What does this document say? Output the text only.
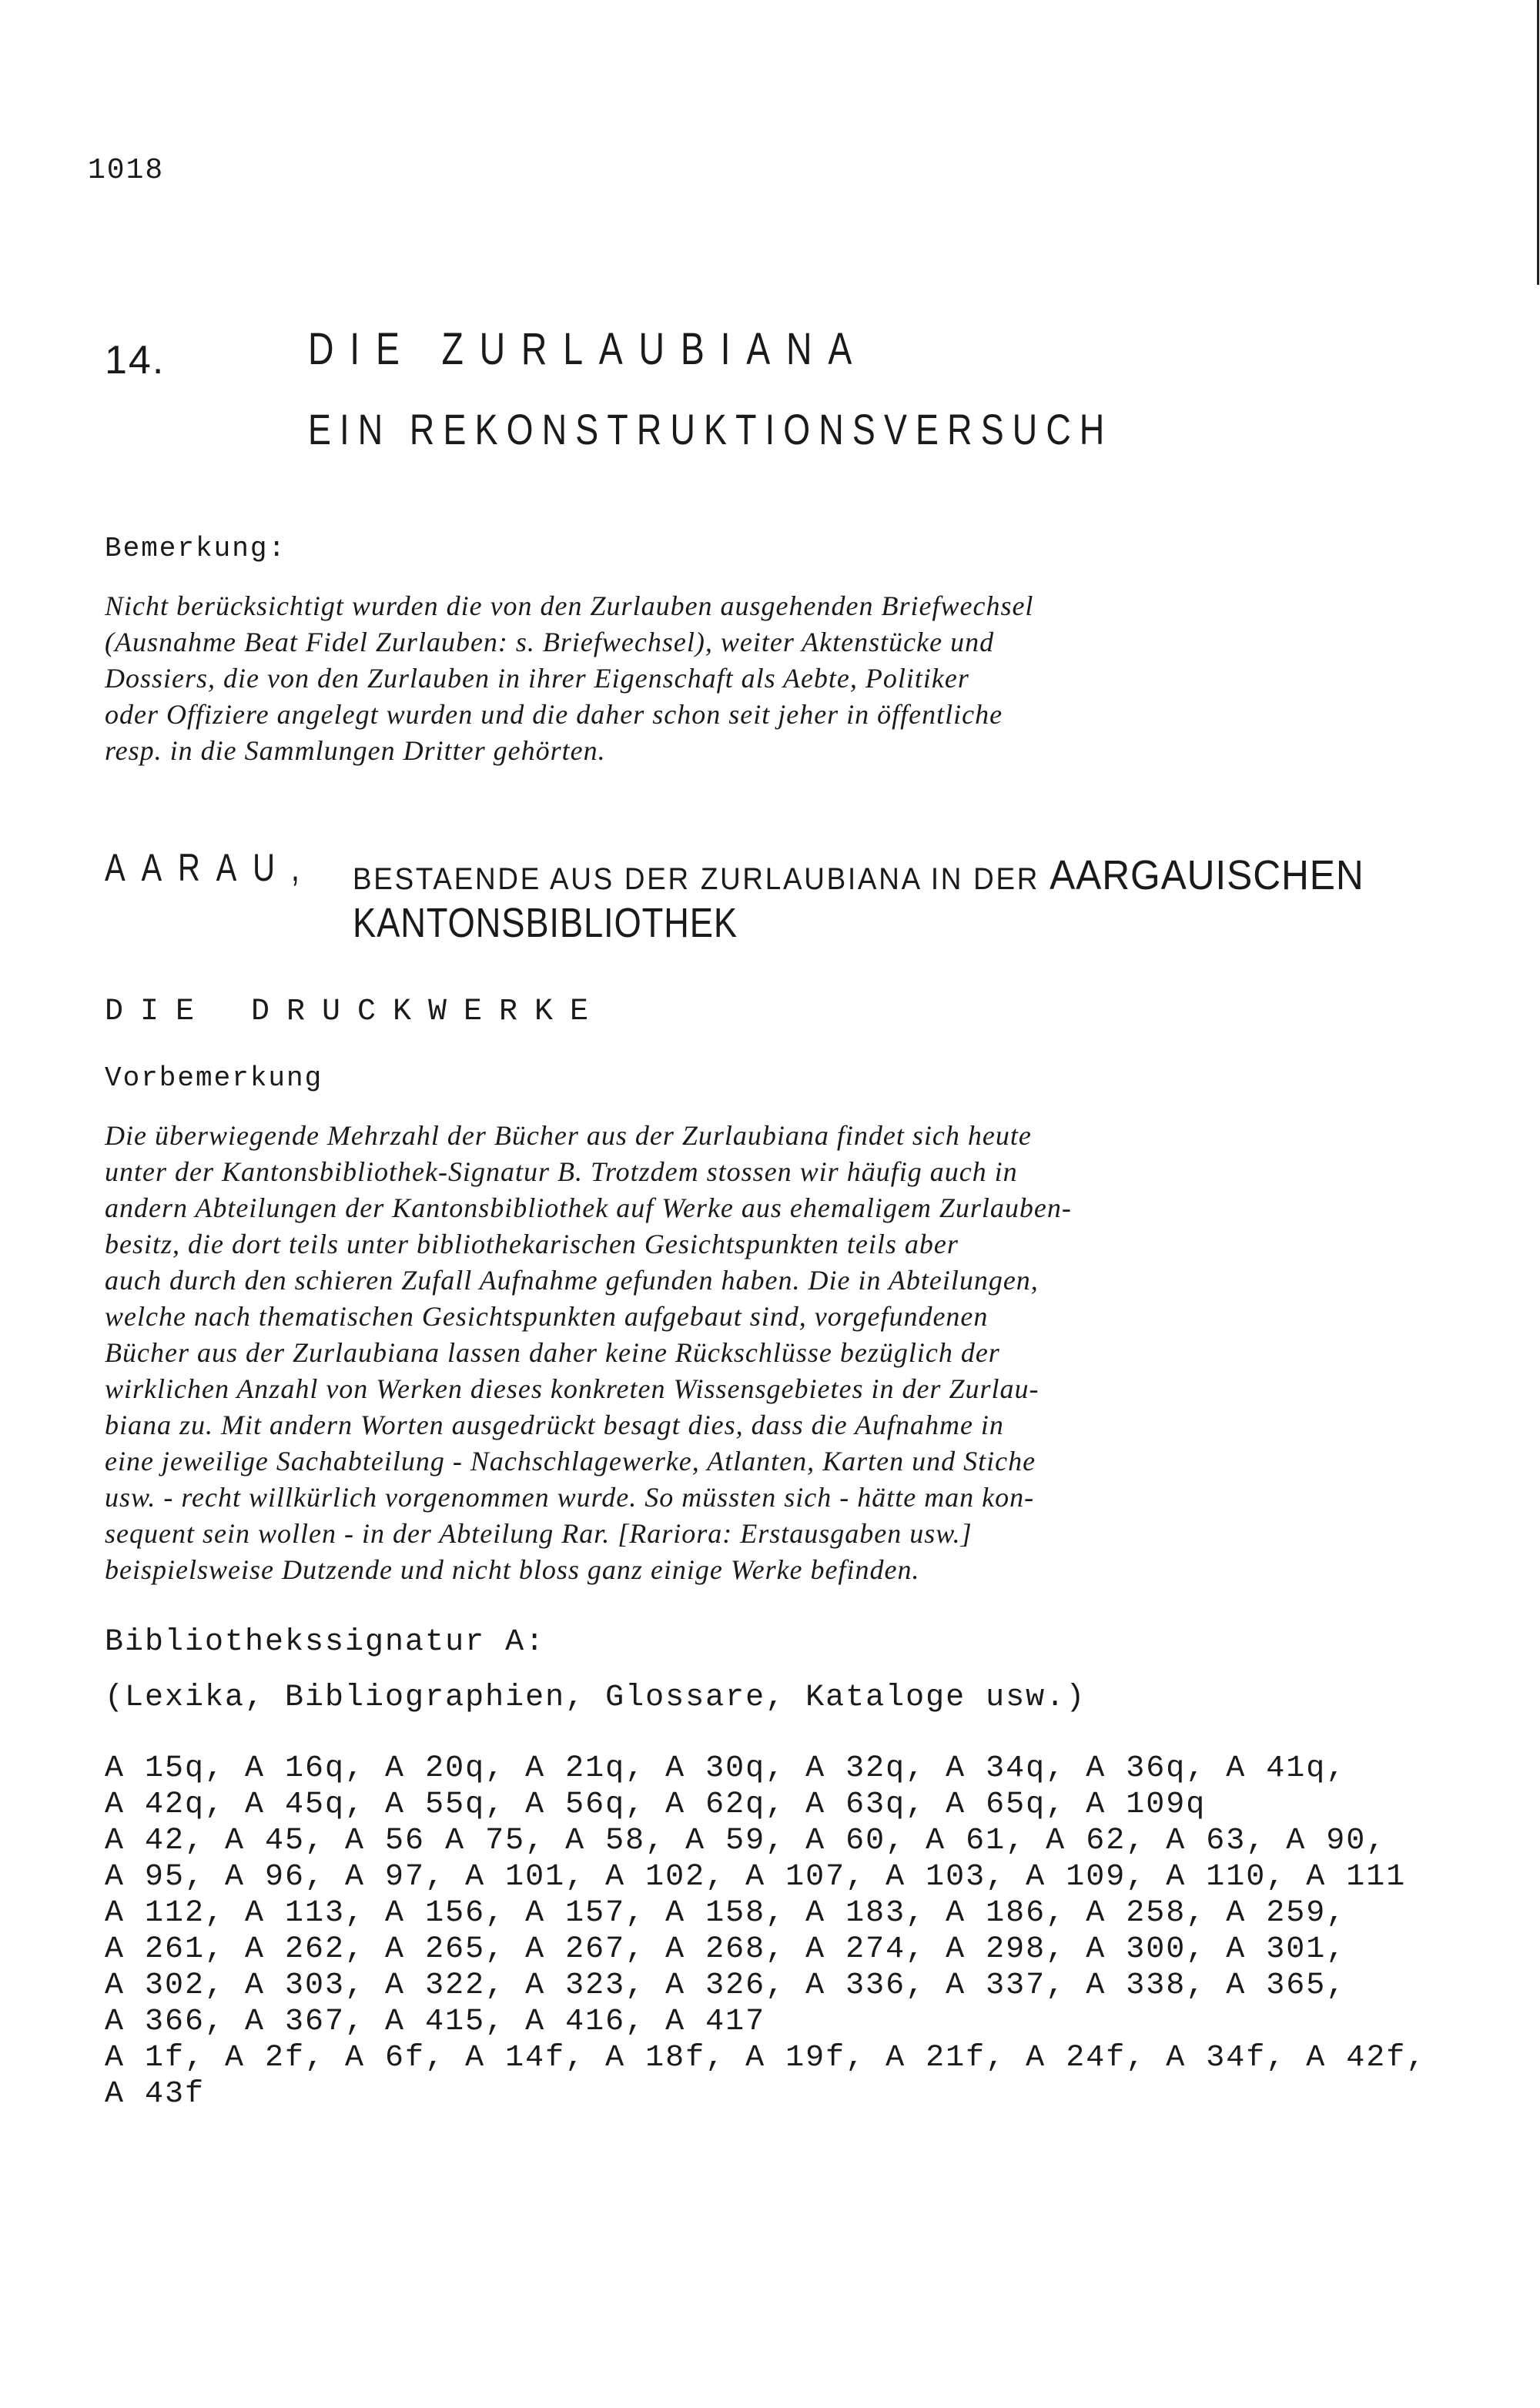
1018
14.	DIE ZURLAUBIANA
EIN REKONSTRUKTIONSVERSUCH
Bemerkung:
Nicht berücksichtigt wurden die von den Zurlauben ausgehenden Briefwechsel
(Ausnahme Beat Fidel Zurlauben: s. Briefwechsel), weiter Aktenstücke und
Dossiers, die von den Zurlauben in ihrer Eigenschaft als Aebte, Politiker
oder Offiziere angelegt wurden und die daher schon seit jeher in öffentliche
resp. in die Sammlungen Dritter gehörten.
AARAU, BESTAENDE AUS DER ZURLAUBIANA IN DER AARGAUISCHEN
KANTONSBIBLIOTHEK
DIE DRUCKWERKE
Vorbemerkung
Die überwiegende Mehrzahl der Bücher aus der Zurlaubiana findet sich heute
unter der Kantonsbibliothek-Signatur B. Trotzdem stossen wir häufig auch in
andern Abteilungen der Kantonsbibliothek auf Werke aus ehemaligem Zurlauben-
besitz, die dort teils unter bibliothekarischen Gesichtspunkten teils aber
auch durch den schieren Zufall Aufnahme gefunden haben. Die in Abteilungen,
welche nach thematischen Gesichtspunkten aufgebaut sind, vorgefundenen
Bücher aus der Zurlaubiana lassen daher keine Rückschlüsse bezüglich der
wirklichen Anzahl von Werken dieses konkreten Wissensgebietes in der Zurlau-
biana zu. Mit andern Worten ausgedrückt besagt dies, dass die Aufnahme in
eine jeweilige Sachabteilung - Nachschlagewerke, Atlanten, Karten und Stiche
usw. - recht willkürlich vorgenommen wurde. So müssten sich - hätte man kon-
sequent sein wollen - in der Abteilung Rar. [Rariora: Erstausgaben usw.]
beispielsweise Dutzende und nicht bloss ganz einige Werke befinden.
Bibliothekssignatur A:
(Lexika, Bibliographien, Glossare, Kataloge usw.)
A 15q, A 16q, A 20q, A 21q, A 30q, A 32q, A 34q, A 36q, A 41q,
A 42q, A 45q, A 55q, A 56q, A 62q, A 63q, A 65q, A 109q
A 42, A 45, A 56 A 75, A 58, A 59, A 60, A 61, A 62, A 63, A 90,
A 95, A 96, A 97, A 101, A 102, A 107, A 103, A 109, A 110, A 111
A 112, A 113, A 156, A 157, A 158, A 183, A 186, A 258, A 259,
A 261, A 262, A 265, A 267, A 268, A 274, A 298, A 300, A 301,
A 302, A 303, A 322, A 323, A 326, A 336, A 337, A 338, A 365,
A 366, A 367, A 415, A 416, A 417
A 1f, A 2f, A 6f, A 14f, A 18f, A 19f, A 21f, A 24f, A 34f, A 42f,
A 43f
